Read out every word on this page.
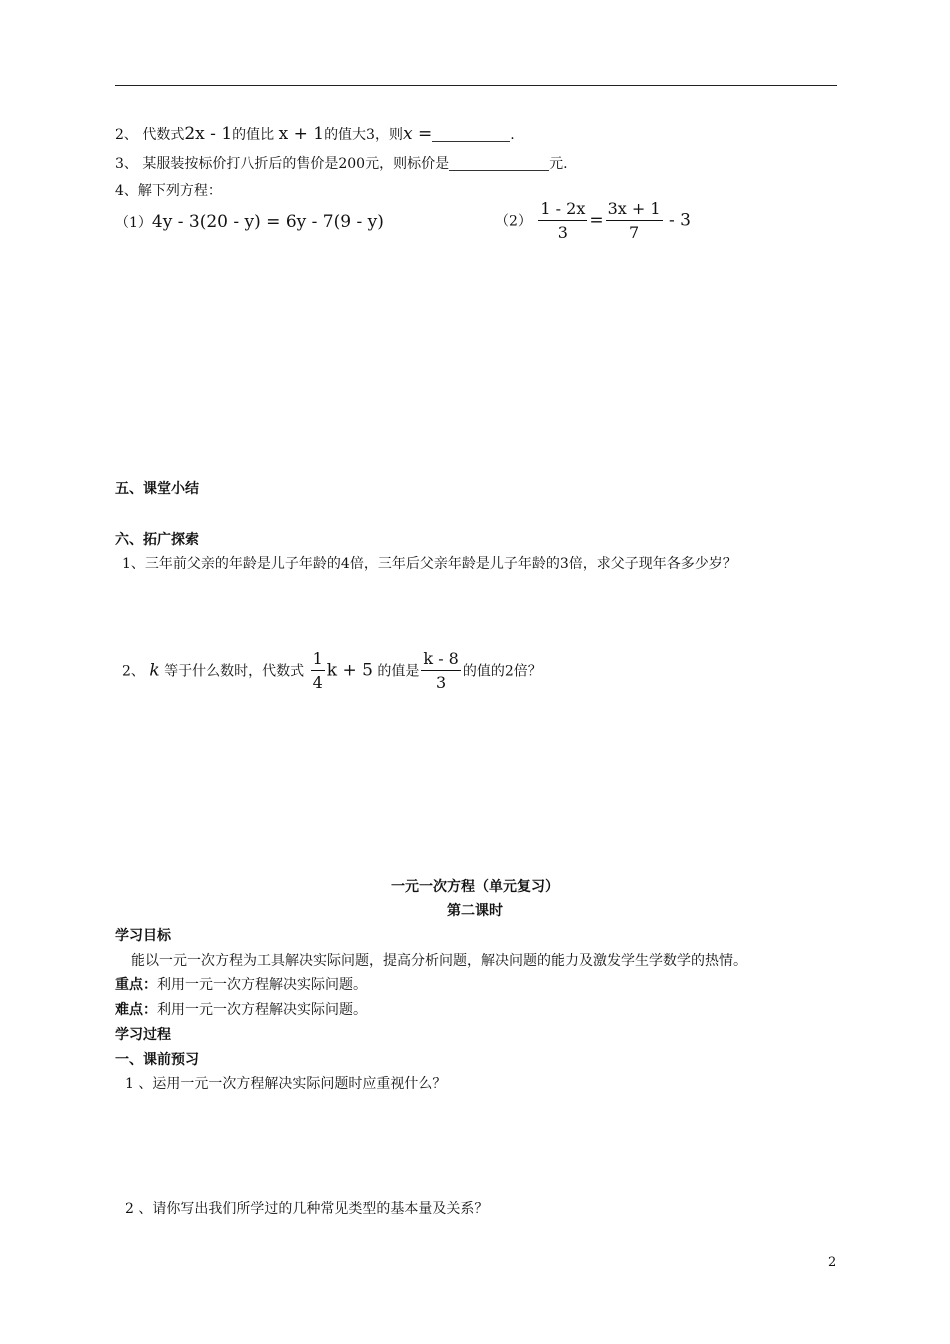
2、 代数式2x - 1的值比 x + 1的值大3，则x =	.
3、 某服装按标价打八折后的售价是200元，则标价是	元.
4、解下列方程：
（1）4y - 3(20 - y) = 6y - 7(9 - y)	$(2) \frac{1 - 2x}{3} = \frac{3x + 1}{7} - 3$
五、课堂小结
六、拓广探索
1、三年前父亲的年龄是儿子年龄的4倍，三年后父亲年龄是儿子年龄的3倍，求父子现年各多少岁？
2、 k 等于什么数时，代数式 $\frac{1}{4}$ k + 5 的值是 $\frac{k - 8}{3}$ 的值的2倍？
一元一次方程（单元复习）
第二课时
学习目标
能以一元一次方程为工具解决实际问题，提高分析问题，解决问题的能力及激发学生学数学的热情。
重点：利用一元一次方程解决实际问题。
难点：利用一元一次方程解决实际问题。
学习过程
一、课前预习
1 、运用一元一次方程解决实际问题时应重视什么？
2 、请你写出我们所学过的几种常见类型的基本量及关系？
2
